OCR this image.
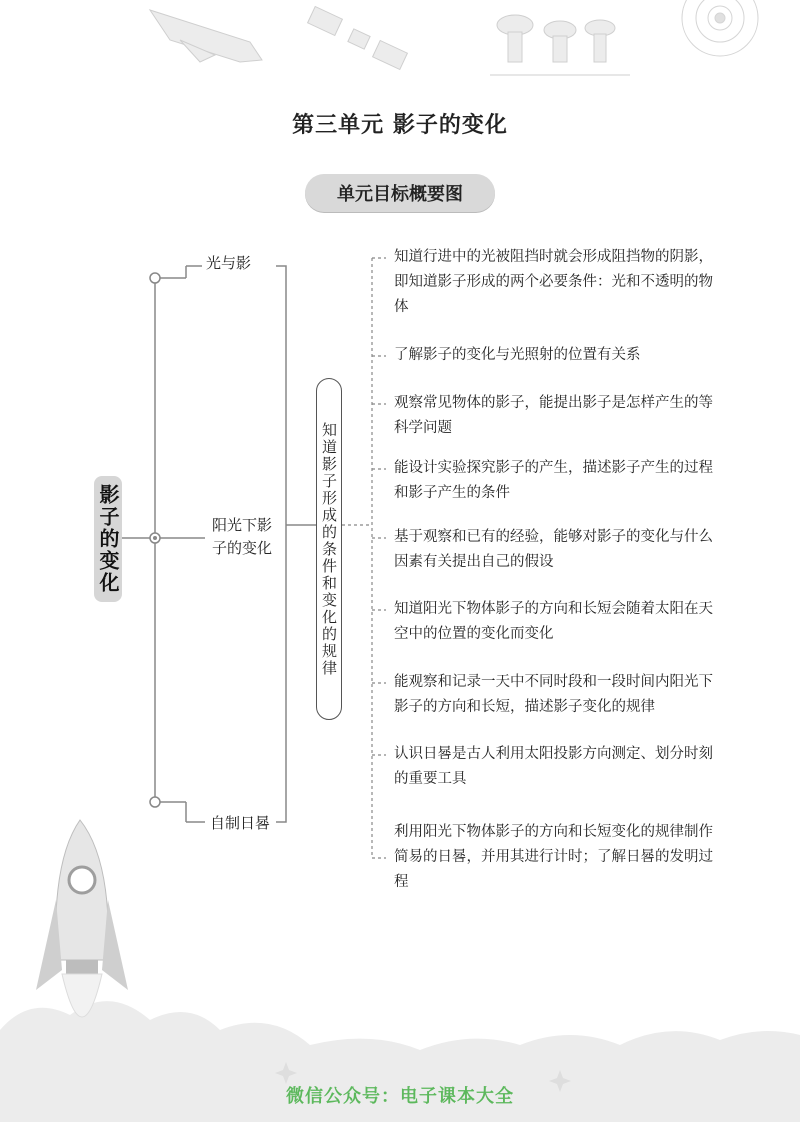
第三单元 影子的变化
单元目标概要图
影子的变化
光与影
阳光下影子的变化
自制日晷
知道影子形成的条件和变化的规律
知道行进中的光被阻挡时就会形成阻挡物的阴影，即知道影子形成的两个必要条件：光和不透明的物体
了解影子的变化与光照射的位置有关系
观察常见物体的影子，能提出影子是怎样产生的等科学问题
能设计实验探究影子的产生，描述影子产生的过程和影子产生的条件
基于观察和已有的经验，能够对影子的变化与什么因素有关提出自己的假设
知道阳光下物体影子的方向和长短会随着太阳在天空中的位置的变化而变化
能观察和记录一天中不同时段和一段时间内阳光下影子的方向和长短，描述影子变化的规律
认识日晷是古人利用太阳投影方向测定、划分时刻的重要工具
利用阳光下物体影子的方向和长短变化的规律制作简易的日晷，并用其进行计时；了解日晷的发明过程
微信公众号：电子课本大全
